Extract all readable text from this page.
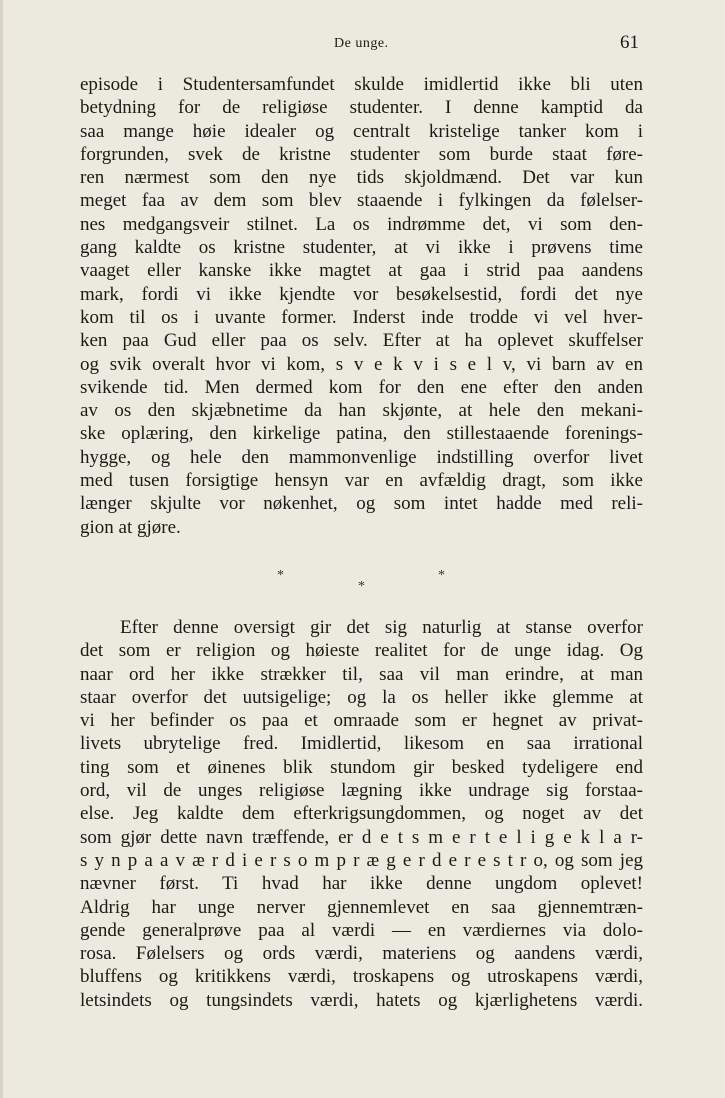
De unge.	61
episode i Studentersamfundet skulde imidlertid ikke bli uten
betydning for de religiøse studenter. I denne kamptid da
saa mange høie idealer og centralt kristelige tanker kom i
forgrunden, svek de kristne studenter som burde staat føre-
ren nærmest som den nye tids skjoldmænd. Det var kun
meget faa av dem som blev staaende i fylkingen da følelser-
nes medgangsveir stilnet. La os indrømme det, vi som den-
gang kaldte os kristne studenter, at vi ikke i prøvens time
vaaget eller kanske ikke magtet at gaa i strid paa aandens
mark, fordi vi ikke kjendte vor besøkelsestid, fordi det nye
kom til os i uvante former. Inderst inde trodde vi vel hver-
ken paa Gud eller paa os selv. Efter at ha oplevet skuffelser
og svik overalt hvor vi kom, s v e k v i s e l v, vi barn av en
svikende tid. Men dermed kom for den ene efter den anden
av os den skjæbnetime da han skjønte, at hele den mekani-
ske oplæring, den kirkelige patina, den stillestaaende forenings-
hygge, og hele den mammonvenlige indstilling overfor livet
med tusen forsigtige hensyn var en avfældig dragt, som ikke
længer skjulte vor nøkenhet, og som intet hadde med reli-
gion at gjøre.
*	*
*
Efter denne oversigt gir det sig naturlig at stanse overfor
det som er religion og høieste realitet for de unge idag. Og
naar ord her ikke strækker til, saa vil man erindre, at man
staar overfor det uutsigelige; og la os heller ikke glemme at
vi her befinder os paa et omraade som er hegnet av privat-
livets ubrytelige fred. Imidlertid, likesom en saa irrational
ting som et øinenes blik stundom gir besked tydeligere end
ord, vil de unges religiøse lægning ikke undrage sig forstaa-
else. Jeg kaldte dem efterkrigsungdommen, og noget av det
som gjør dette navn træffende, er d e t s m e r t e l i g e k l a r-
s y n p a a v æ r d i e r s o m p r æ g e r d e r e s t r o, og som jeg
nævner først. Ti hvad har ikke denne ungdom oplevet!
Aldrig har unge nerver gjennemlevet en saa gjennemtræn-
gende generalprøve paa al værdi — en værdiernes via dolo-
rosa. Følelsers og ords værdi, materiens og aandens værdi,
bluffens og kritikkens værdi, troskapens og utroskapens værdi,
letsindets og tungsindets værdi, hatets og kjærlighetens værdi.
